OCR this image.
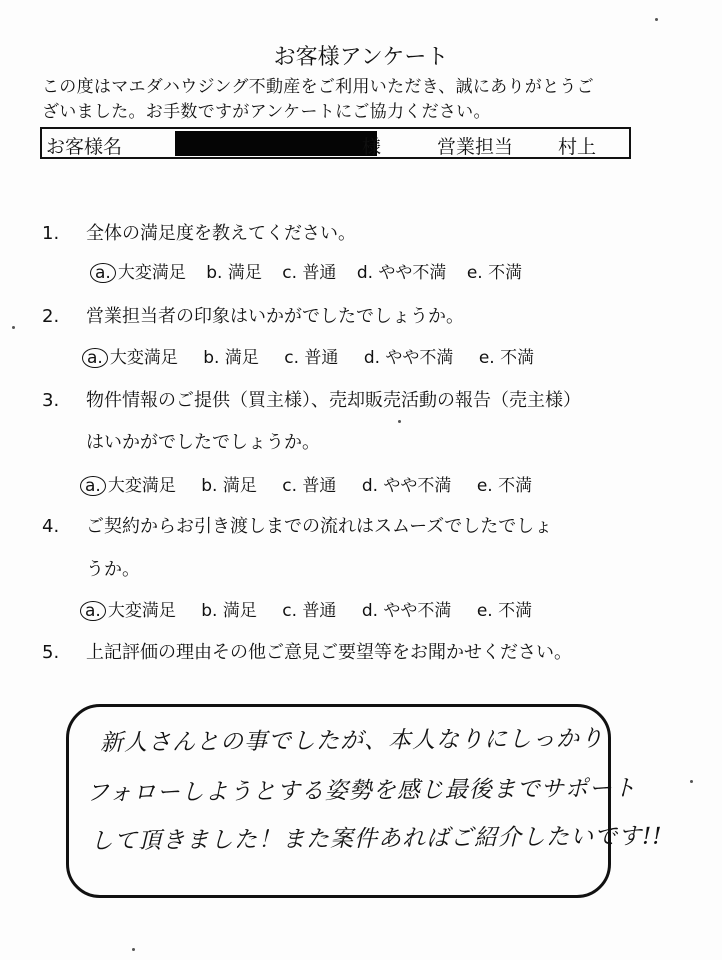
お客様アンケート
この度はマエダハウジング不動産をご利用いただき、誠にありがとうご
ざいました。お手数ですがアンケートにご協力ください。
お客様名	様	営業担当 村上
1. 全体の満足度を教えてください。
a. 大変満足 b. 満足 c. 普通 d. やや不満 e. 不満
2. 営業担当者の印象はいかがでしたでしょうか。
a. 大変満足 b. 満足 c. 普通 d. やや不満 e. 不満
3. 物件情報のご提供（買主様）、売却販売活動の報告（売主様）
はいかがでしたでしょうか。
a. 大変満足 b. 満足 c. 普通 d. やや不満 e. 不満
4. ご契約からお引き渡しまでの流れはスムーズでしたでしょ
うか。
a. 大変満足 b. 満足 c. 普通 d. やや不満 e. 不満
5. 上記評価の理由その他ご意見ご要望等をお聞かせください。
新人さんとの事でしたが、本人なりにしっかり
フォローしようとする姿勢を感じ最後までサポート
して頂きました！また案件あればご紹介したいです!!
